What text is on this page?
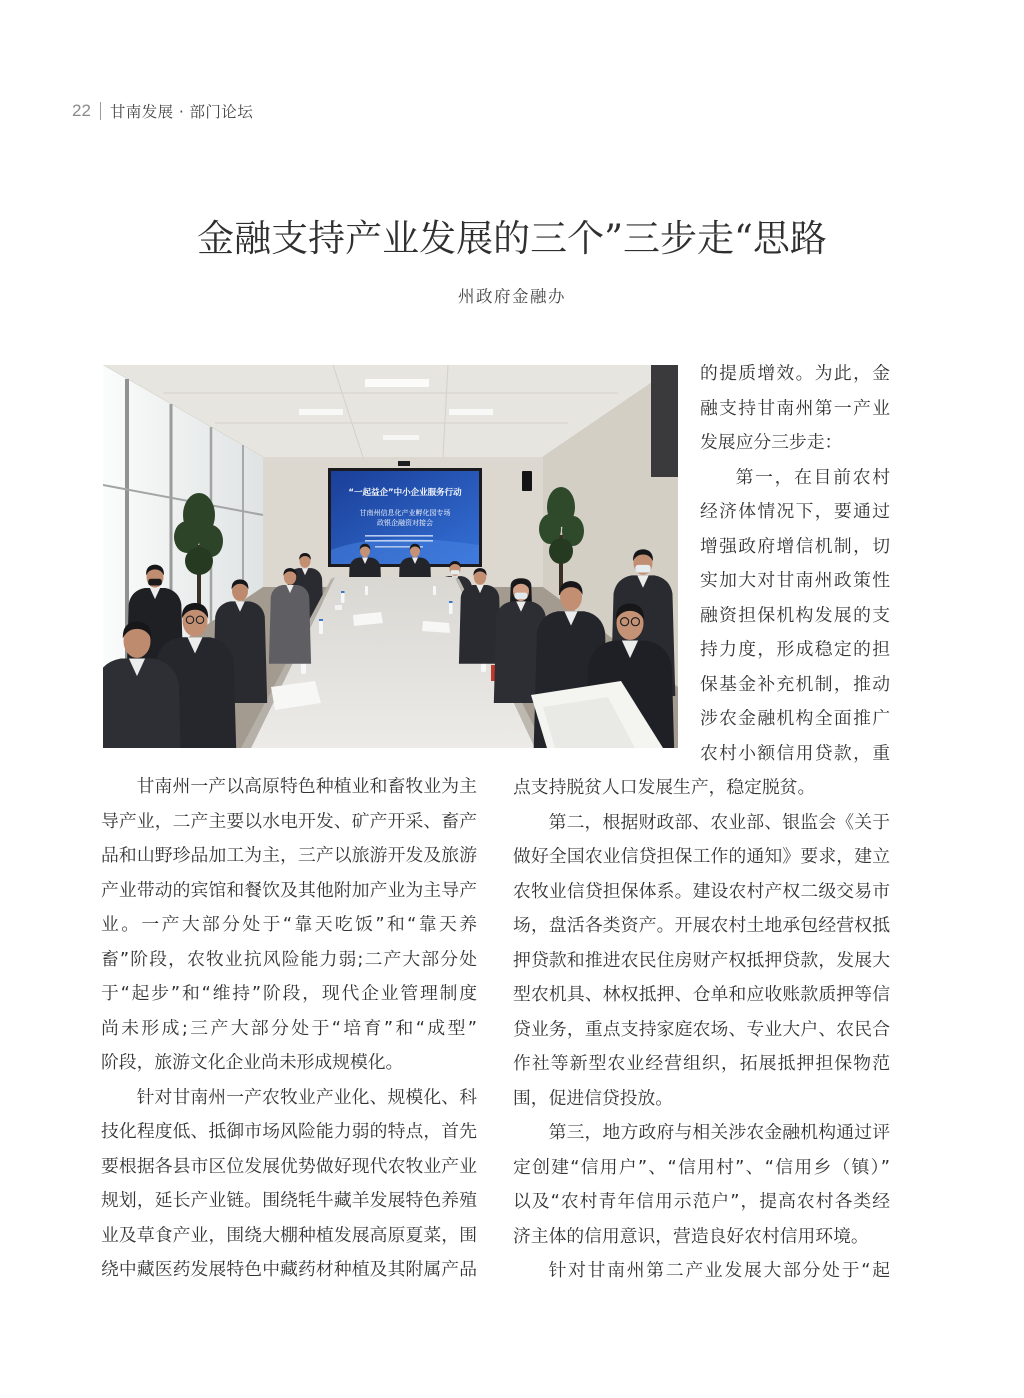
22 甘南发展 · 部门论坛
金融支持产业发展的三个”三步走“思路
州政府金融办
“一起益企”中小企业服务行动
甘南州信息化产业孵化园专场
政银企融资对接会
甘南州一产以高原特色种植业和畜牧业为主
导产业，二产主要以水电开发、矿产开采、畜产
品和山野珍品加工为主，三产以旅游开发及旅游
产业带动的宾馆和餐饮及其他附加产业为主导产
业。一产大部分处于“靠天吃饭”和“靠天养
畜”阶段，农牧业抗风险能力弱;二产大部分处
于“起步”和“维持”阶段，现代企业管理制度
尚未形成;三产大部分处于“培育”和“成型”
阶段，旅游文化企业尚未形成规模化。
针对甘南州一产农牧业产业化、规模化、科
技化程度低、抵御市场风险能力弱的特点，首先
要根据各县市区位发展优势做好现代农牧业产业
规划，延长产业链。围绕牦牛藏羊发展特色养殖
业及草食产业，围绕大棚种植发展高原夏菜，围
绕中藏医药发展特色中藏药材种植及其附属产品
的提质增效。为此，金
融支持甘南州第一产业
发展应分三步走：
第一，在目前农村
经济体情况下，要通过
增强政府增信机制，切
实加大对甘南州政策性
融资担保机构发展的支
持力度，形成稳定的担
保基金补充机制，推动
涉农金融机构全面推广
农村小额信用贷款，重
点支持脱贫人口发展生产，稳定脱贫。
第二，根据财政部、农业部、银监会《关于
做好全国农业信贷担保工作的通知》要求，建立
农牧业信贷担保体系。建设农村产权二级交易市
场，盘活各类资产。开展农村土地承包经营权抵
押贷款和推进农民住房财产权抵押贷款，发展大
型农机具、林权抵押、仓单和应收账款质押等信
贷业务，重点支持家庭农场、专业大户、农民合
作社等新型农业经营组织，拓展抵押担保物范
围，促进信贷投放。
第三，地方政府与相关涉农金融机构通过评
定创建“信用户”、“信用村”、“信用乡（镇）”
以及“农村青年信用示范户”，提高农村各类经
济主体的信用意识，营造良好农村信用环境。
针对甘南州第二产业发展大部分处于“起
